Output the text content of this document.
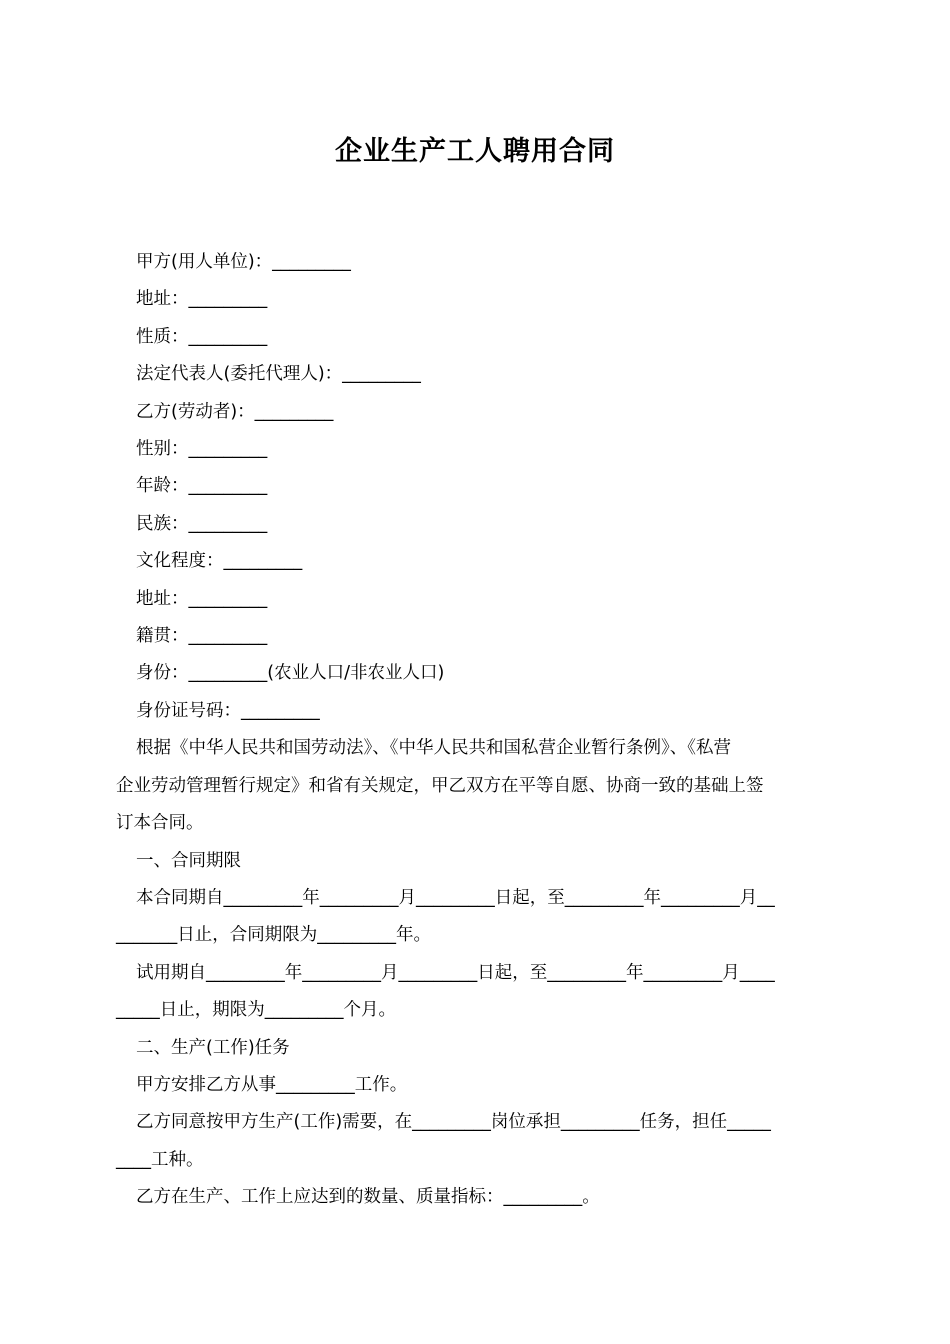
企业生产工人聘用合同
甲方(用人单位)：_________
地址：_________
性质：_________
法定代表人(委托代理人)：_________
乙方(劳动者)：_________
性别：_________
年龄：_________
民族：_________
文化程度：_________
地址：_________
籍贯：_________
身份：_________(农业人口/非农业人口)
身份证号码：_________
根据《中华人民共和国劳动法》、《中华人民共和国私营企业暂行条例》、《私营
企业劳动管理暂行规定》和省有关规定，甲乙双方在平等自愿、协商一致的基础上签
订本合同。
一、合同期限
本合同期自_________年_________月_________日起，至_________年_________月__
_______日止，合同期限为_________年。
试用期自_________年_________月_________日起，至_________年_________月____
_____日止，期限为_________个月。
二、生产(工作)任务
甲方安排乙方从事_________工作。
乙方同意按甲方生产(工作)需要，在_________岗位承担_________任务，担任_____
____工种。
乙方在生产、工作上应达到的数量、质量指标：_________。
